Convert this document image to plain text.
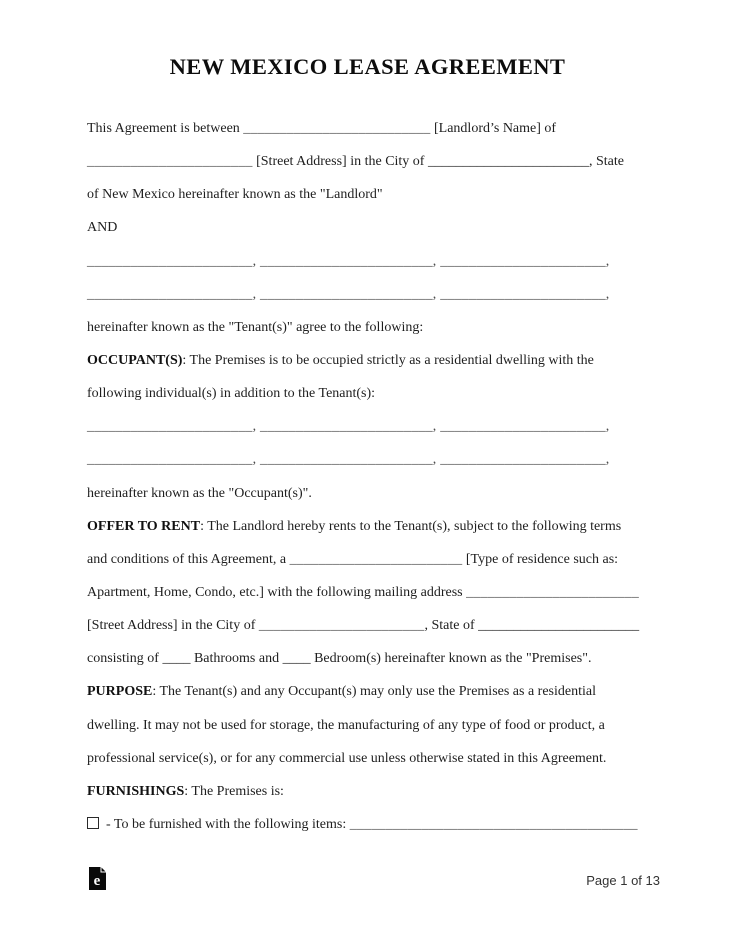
NEW MEXICO LEASE AGREEMENT
This Agreement is between __________________________ [Landlord’s Name] of
_______________________ [Street Address] in the City of _______________________, State
of New Mexico hereinafter known as the "Landlord"
AND
_______________________, ________________________, _______________________,
_______________________, ________________________, _______________________,
hereinafter known as the "Tenant(s)" agree to the following:
OCCUPANT(S): The Premises is to be occupied strictly as a residential dwelling with the
following individual(s) in addition to the Tenant(s):
_______________________, ________________________, _______________________,
_______________________, ________________________, _______________________,
hereinafter known as the "Occupant(s)".
OFFER TO RENT: The Landlord hereby rents to the Tenant(s), subject to the following terms
and conditions of this Agreement, a ________________________ [Type of residence such as:
Apartment, Home, Condo, etc.] with the following mailing address ________________________
[Street Address] in the City of _______________________, State of _______________________
consisting of ____ Bathrooms and ____ Bedroom(s) hereinafter known as the "Premises".
PURPOSE: The Tenant(s) and any Occupant(s) may only use the Premises as a residential
dwelling. It may not be used for storage, the manufacturing of any type of food or product, a
professional service(s), or for any commercial use unless otherwise stated in this Agreement.
FURNISHINGS: The Premises is:
- To be furnished with the following items: ________________________________________
e	Page 1 of 13
